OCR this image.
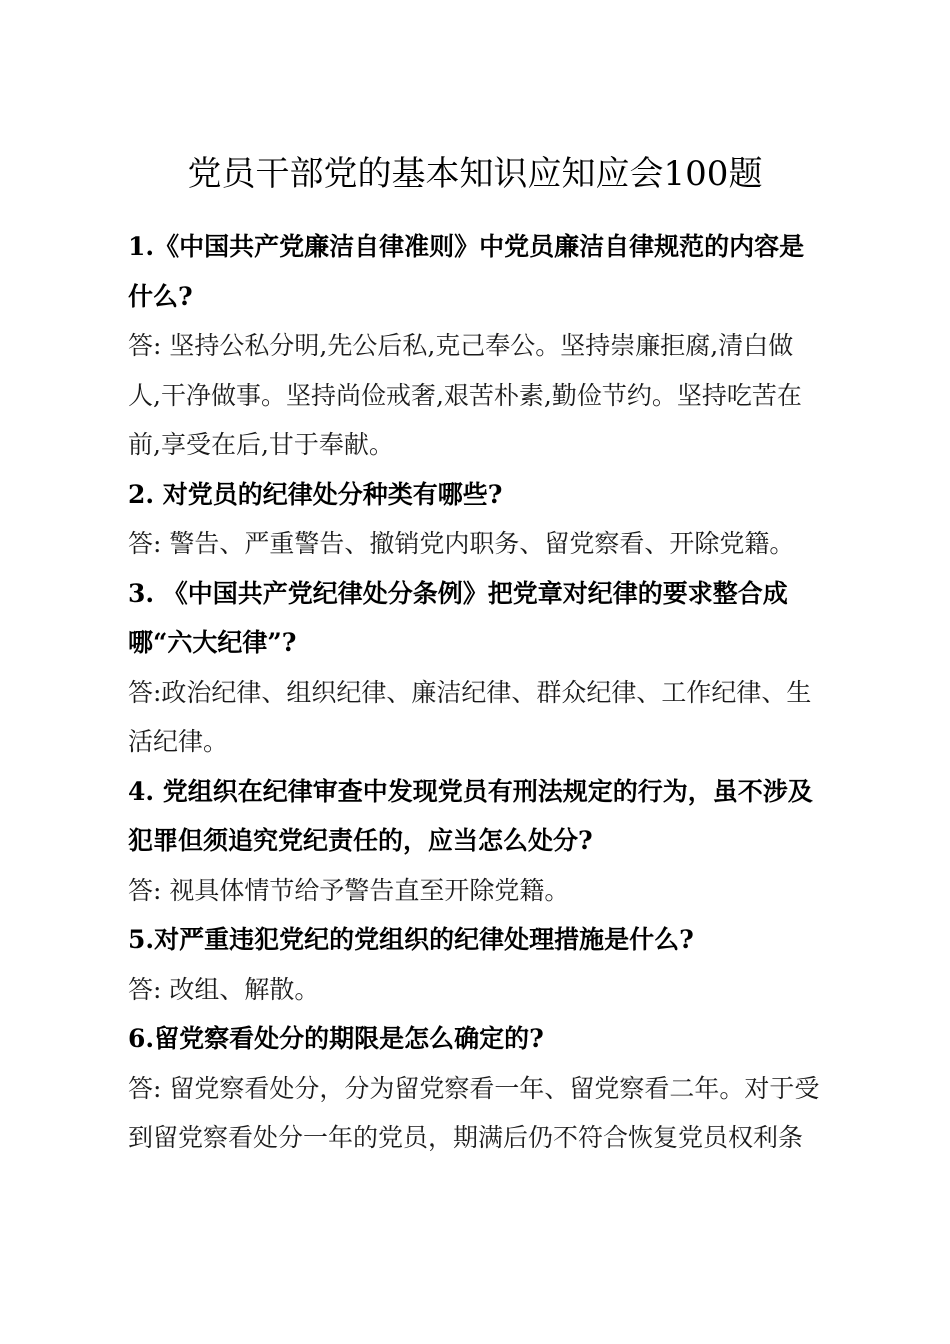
党员干部党的基本知识应知应会100题

1.《中国共产党廉洁自律准则》中党员廉洁自律规范的内容是什么?

答: 坚持公私分明,先公后私,克己奉公。坚持崇廉拒腐,清白做人,干净做事。坚持尚俭戒奢,艰苦朴素,勤俭节约。坚持吃苦在前,享受在后,甘于奉献。

2. 对党员的纪律处分种类有哪些?

答: 警告、严重警告、撤销党内职务、留党察看、开除党籍。

3. 《中国共产党纪律处分条例》把党章对纪律的要求整合成哪“六大纪律”?

答:政治纪律、组织纪律、廉洁纪律、群众纪律、工作纪律、生活纪律。

4. 党组织在纪律审查中发现党员有刑法规定的行为，虽不涉及犯罪但须追究党纪责任的，应当怎么处分?

答: 视具体情节给予警告直至开除党籍。

5.对严重违犯党纪的党组织的纪律处理措施是什么?

答: 改组、解散。

6.留党察看处分的期限是怎么确定的?

答: 留党察看处分，分为留党察看一年、留党察看二年。对于受到留党察看处分一年的党员，期满后仍不符合恢复党员权利条
